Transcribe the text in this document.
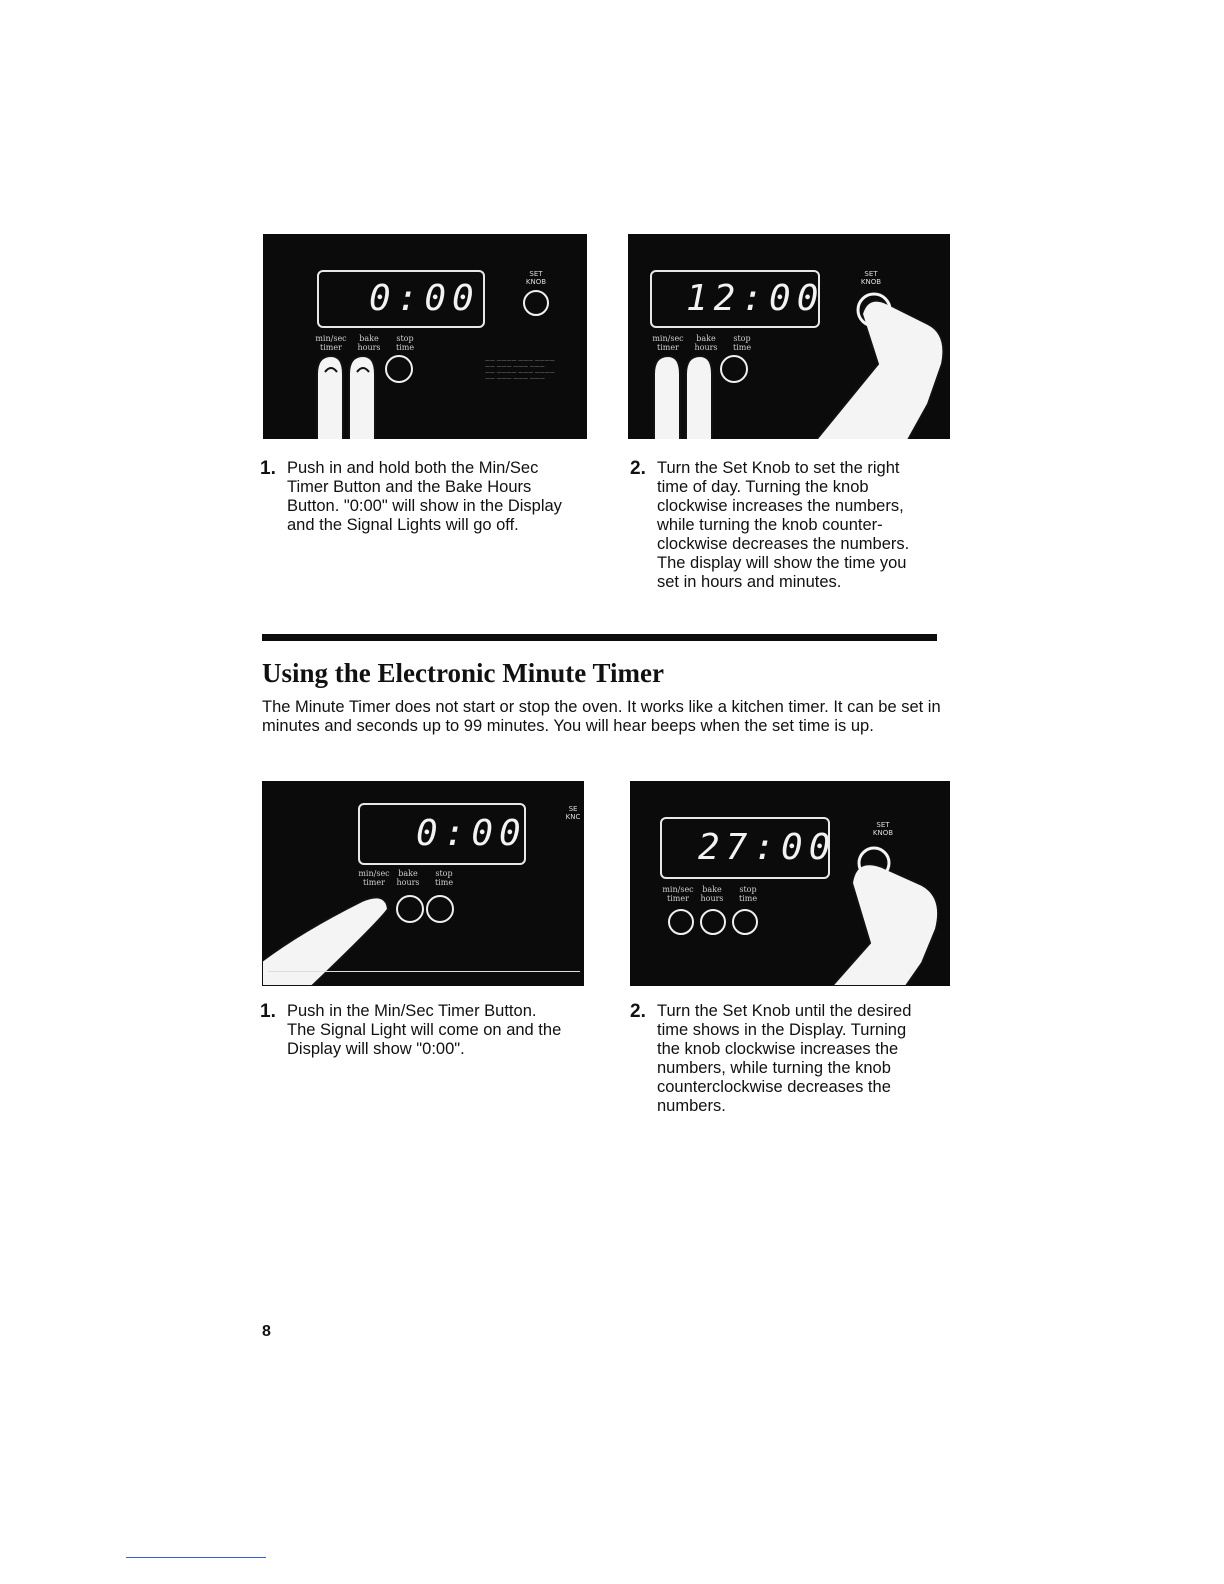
0:00
SET
KNOB
min/sec
timer
bake
hours
stop
time
—— ———— ——— ————
—— ——— ——— ———
—— ———— ——— ————
—— ——— ——— ———
12:00
SET
KNOB
min/sec
timer
bake
hours
stop
time
1. Push in and hold both the Min/Sec Timer Button and the Bake Hours Button. "0:00" will show in the Display and the Signal Lights will go off.
2. Turn the Set Knob to set the right time of day. Turning the knob clockwise increases the numbers, while turning the knob counter-clockwise decreases the numbers. The display will show the time you set in hours and minutes.
Using the Electronic Minute Timer
The Minute Timer does not start or stop the oven. It works like a kitchen timer. It can be set in minutes and seconds up to 99 minutes. You will hear beeps when the set time is up.
0:00
SE
KNC
min/sec
timer
bake
hours
stop
time
27:00
SET
KNOB
min/sec
timer
bake
hours
stop
time
1. Push in the Min/Sec Timer Button. The Signal Light will come on and the Display will show "0:00".
2. Turn the Set Knob until the desired time shows in the Display. Turning the knob clockwise increases the numbers, while turning the knob counterclockwise decreases the numbers.
8
